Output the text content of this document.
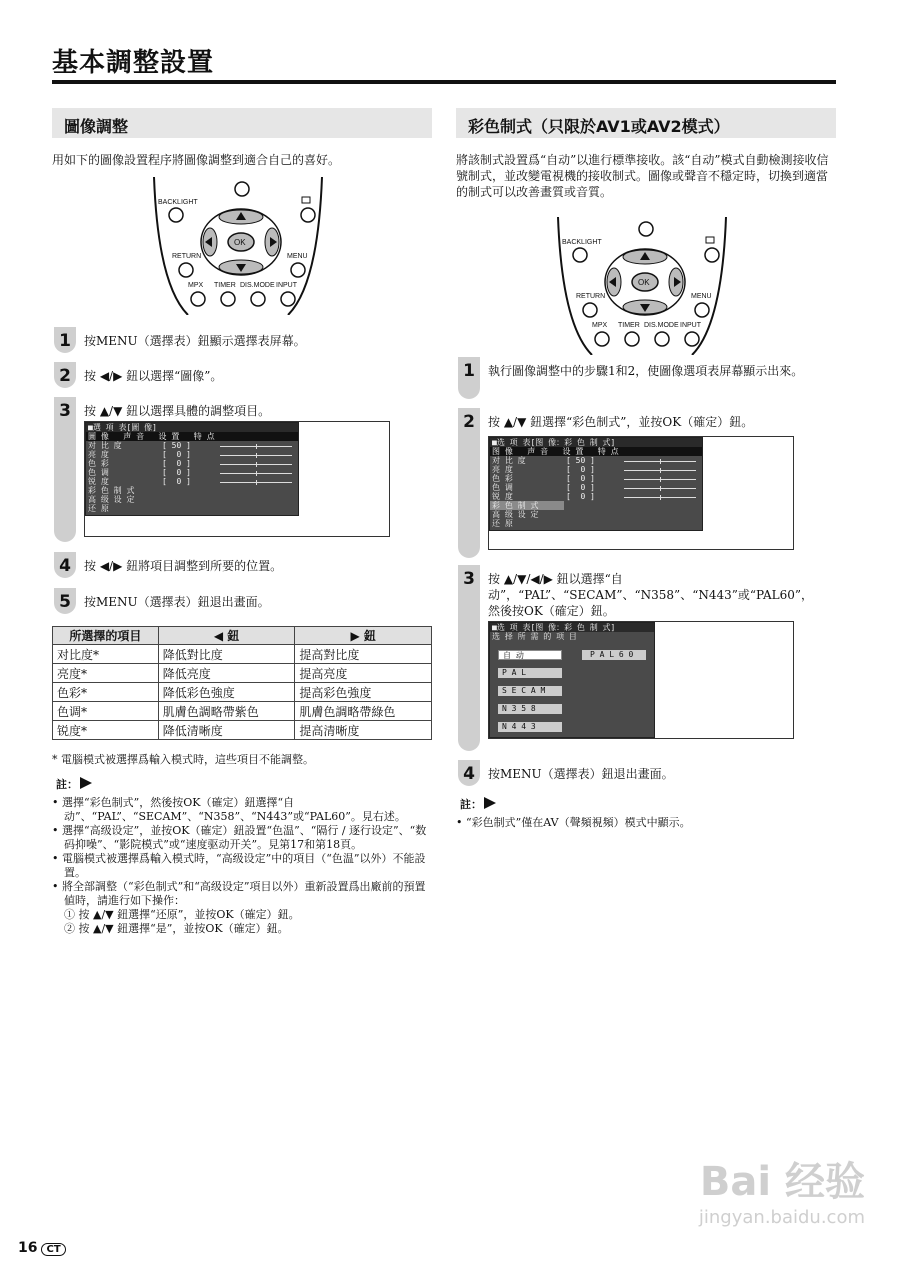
基本調整設置
圖像調整
用如下的圖像設置程序將圖像調整到適合自己的喜好。
BACKLIGHT
OK
RETURN	MENU
MPX TIMER DIS.MODE INPUT
1	按MENU（選擇表）鈕顯示選擇表屏幕。
2	按 ◀/▶ 鈕以選擇“圖像”。
3	按 ▲/▼ 鈕以選擇具體的調整項目。
■選 項 表[圖 像]
圖 像   声 音   设 置   特 点
对 比 度	[ 50 ]
亮 度	[  0 ]
色 彩	[  0 ]
色 调	[  0 ]
锐 度	[  0 ]
彩 色 制 式
高 级 设 定
还 原
4	按 ◀/▶ 鈕將項目調整到所要的位置。
5	按MENU（選擇表）鈕退出畫面。
所選擇的項目	◀ 鈕	▶ 鈕
对比度*	降低對比度	提高對比度
亮度*	降低亮度	提高亮度
色彩*	降低彩色強度	提高彩色強度
色调*	肌膚色調略帶紫色	肌膚色調略帶綠色
锐度*	降低清晰度	提高清晰度
* 電腦模式被選擇爲輸入模式時，這些項目不能調整。
註：
• 選擇“彩色制式”，然後按OK（確定）鈕選擇“自动”、“PAL”、“SECAM”、“N358”、“N443”或“PAL60”。見右述。
• 選擇“高级设定”，並按OK（確定）鈕設置“色温”、“隔行 / 逐行设定”、“数码抑噪”、“影院模式”或“速度驱动开关”。見第17和第18頁。
• 電腦模式被選擇爲輸入模式時，“高级设定”中的項目（“色温”以外）不能設置。
• 將全部調整（“彩色制式”和“高级设定”項目以外）重新設置爲出廠前的預置値時，請進行如下操作：
① 按 ▲/▼ 鈕選擇“还原”，並按OK（確定）鈕。
② 按 ▲/▼ 鈕選擇“是”，並按OK（確定）鈕。
彩色制式（只限於AV1或AV2模式）
將該制式設置爲“自动”以進行標準接收。該“自动”模式自動檢測接收信號制式，並改變電視機的接收制式。圖像或聲音不穩定時，切換到適當的制式可以改善畫質或音質。
BACKLIGHT
OK
RETURN	MENU
MPX TIMER DIS.MODE INPUT
1	執行圖像調整中的步驟1和2，使圖像選項表屏幕顯示出來。
2	按 ▲/▼ 鈕選擇“彩色制式”，並按OK（確定）鈕。
■选 项 表[图 像：彩 色 制 式]
图 像   声 音   设 置   特 点
对 比 度	[ 50 ]
亮 度	[  0 ]
色 彩	[  0 ]
色 调	[  0 ]
锐 度	[  0 ]
彩 色 制 式
高 级 设 定
还 原
3	按 ▲/▼/◀/▶ 鈕以選擇“自动”，“PAL”、“SECAM”、“N358”、“N443”或“PAL60”，然後按OK（確定）鈕。
■选 项 表[图 像：彩 色 制 式]
选 择 所 需 的 项 目
自 动
P A L
S E C A M
N 3 5 8
N 4 4 3
P A L 6 0
4	按MENU（選擇表）鈕退出畫面。
註：
• “彩色制式”僅在AV（聲頻視頻）模式中顯示。
Bai 经验
jingyan.baidu.com
16 CT
